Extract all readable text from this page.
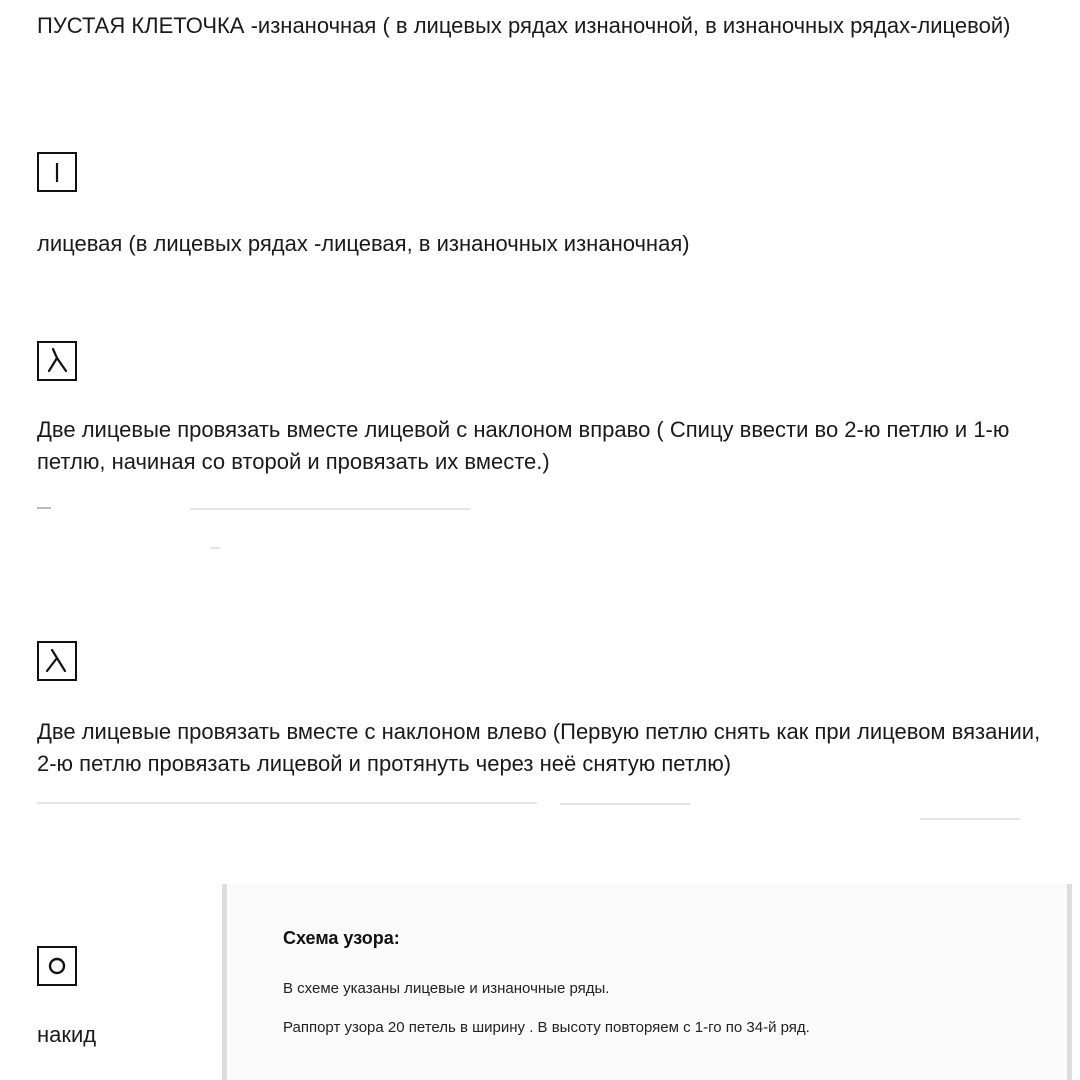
ПУСТАЯ КЛЕТОЧКА -изнаночная ( в лицевых рядах изнаночной, в изнаночных рядах-лицевой)

лицевая (в лицевых рядах -лицевая, в изнаночных изнаночная)

Две лицевые провязать вместе лицевой с наклоном вправо ( Спицу ввести во 2-ю петлю и 1-ю петлю, начиная со второй и провязать их вместе.)

Две лицевые провязать вместе с наклоном влево (Первую петлю снять как при лицевом вязании, 2-ю петлю провязать лицевой и протянуть через неё снятую петлю)

накид

Схема узора:

В схеме указаны лицевые и изнаночные ряды.

Раппорт узора 20 петель в ширину . В высоту повторяем с 1-го по 34-й ряд.
